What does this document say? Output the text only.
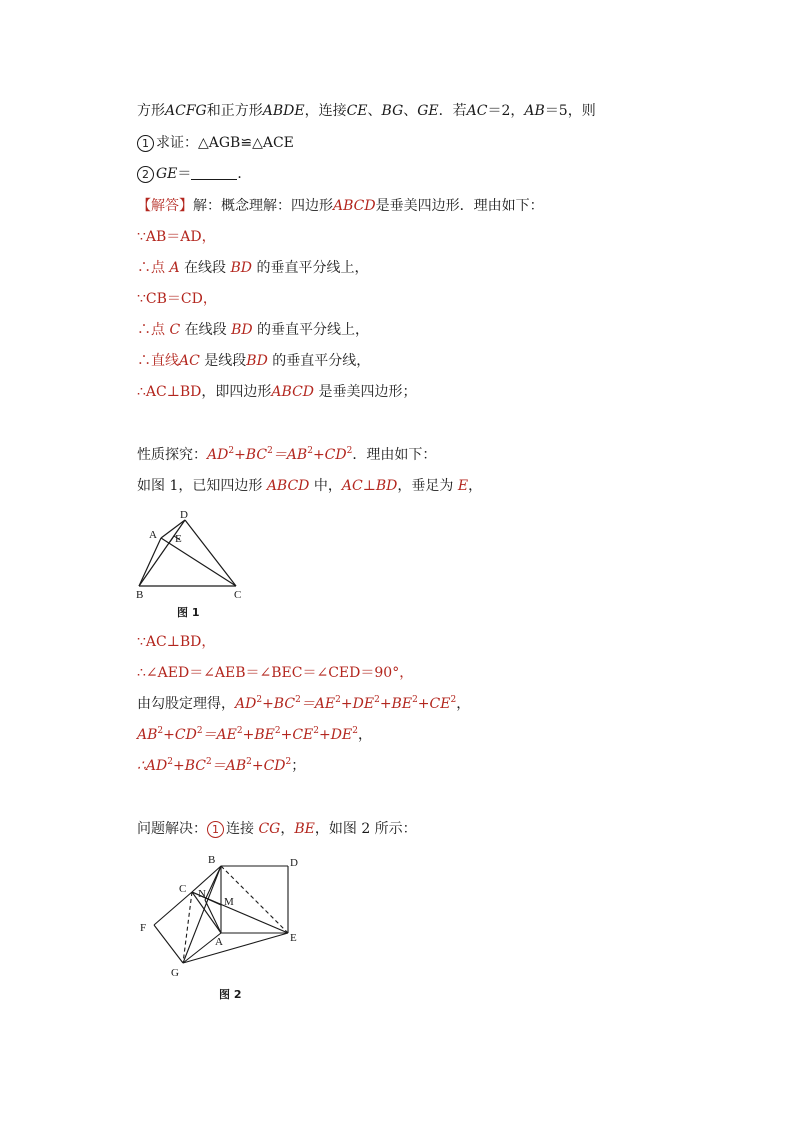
方形ACFG和正方形ABDE，连接CE、BG、GE．若AC＝2，AB＝5，则
1 求证：△AGB≌△ACE
2 GE＝	．
【解答】解：概念理解：四边形ABCD是垂美四边形．理由如下：
∵AB＝AD，
∴点 A 在线段 BD 的垂直平分线上，
∵CB＝CD，
∴点 C 在线段 BD 的垂直平分线上，
∴直线AC 是线段BD 的垂直平分线，
∴AC⊥BD，即四边形ABCD 是垂美四边形；
性质探究：$AD^2+BC^2=AB^2+CD^2$．理由如下：
如图 1，已知四边形 ABCD 中，AC⊥BD，垂足为 E，
D
A E
B	C
图 1
∵AC⊥BD，
∴∠AED＝∠AEB＝∠BEC＝∠CED＝90°，
由勾股定理得，$AD^2+BC^2=AE^2+DE^2+BE^2+CE^2$，
$AB^2+CD^2=AE^2+BE^2+CE^2+DE^2$，
$\therefore AD^2+BC^2=AB^2+CD^2$；
问题解决： 1 连接 CG，BE，如图 2 所示：
B	D
C N
M
F
A	E
G
图 2
